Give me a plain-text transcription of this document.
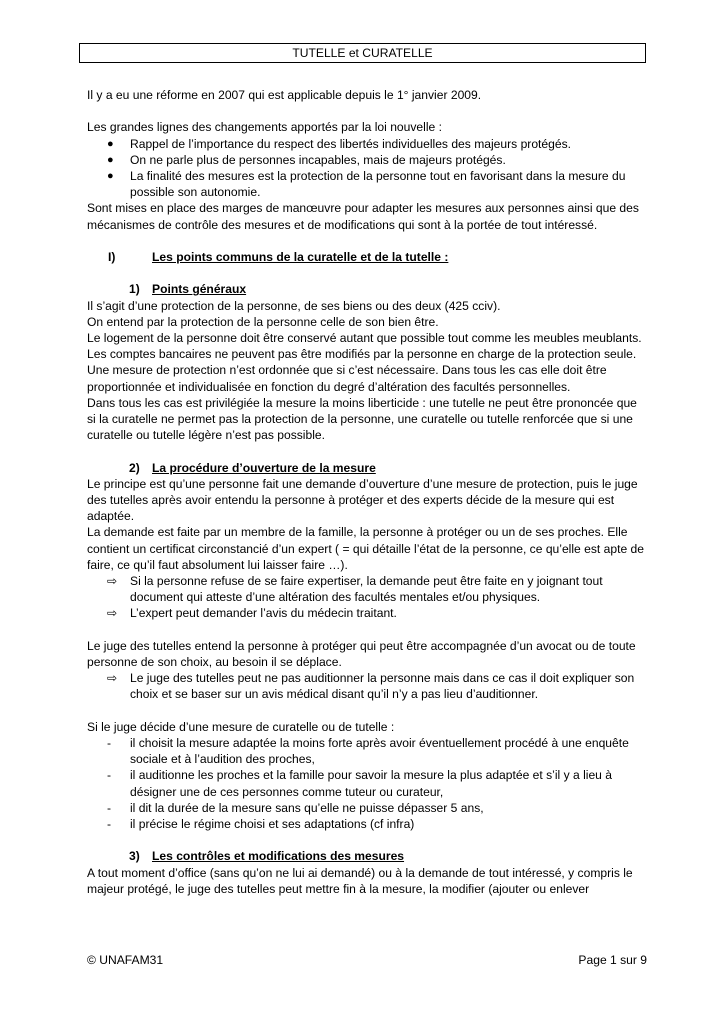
TUTELLE et CURATELLE

Il y a eu une réforme en 2007 qui est applicable depuis le 1° janvier 2009.

Les grandes lignes des changements apportés par la loi nouvelle :

● Rappel de l’importance du respect des libertés individuelles des majeurs protégés.
● On ne parle plus de personnes incapables, mais de majeurs protégés.
● La finalité des mesures est la protection de la personne tout en favorisant dans la mesure du possible son autonomie.

Sont mises en place des marges de manœuvre pour adapter les mesures aux personnes ainsi que des mécanismes de contrôle des mesures et de modifications qui sont à la portée de tout intéressé.

I)	Les points communs de la curatelle et de la tutelle :
1) Points généraux

Il s’agit d’une protection de la personne, de ses biens ou des deux (425 cciv).

On entend par la protection de la personne celle de son bien être.

Le logement de la personne doit être conservé autant que possible tout comme les meubles meublants.

Les comptes bancaires ne peuvent pas être modifiés par la personne en charge de la protection seule.

Une mesure de protection n’est ordonnée que si c’est nécessaire. Dans tous les cas elle doit être proportionnée et individualisée en fonction du degré d’altération des facultés personnelles.

Dans tous les cas est privilégiée la mesure la moins liberticide : une tutelle ne peut être prononcée que si la curatelle ne permet pas la protection de la personne, une curatelle ou tutelle renforcée que si une curatelle ou tutelle légère n’est pas possible.

2) La procédure d’ouverture de la mesure

Le principe est qu’une personne fait une demande d’ouverture d’une mesure de protection, puis le juge des tutelles après avoir entendu la personne à protéger et des experts décide de la mesure qui est adaptée.

La demande est faite par un membre de la famille, la personne à protéger ou un de ses proches. Elle contient un certificat circonstancié d’un expert ( = qui détaille l’état de la personne, ce qu’elle est apte de faire, ce qu’il faut absolument lui laisser faire …).

⇨ Si la personne refuse de se faire expertiser, la demande peut être faite en y joignant tout document qui atteste d’une altération des facultés mentales et/ou physiques.
⇨ L’expert peut demander l’avis du médecin traitant.

Le juge des tutelles entend la personne à protéger qui peut être accompagnée d’un avocat ou de toute personne de son choix, au besoin il se déplace.

⇨ Le juge des tutelles peut ne pas auditionner la personne mais dans ce cas il doit expliquer son choix et se baser sur un avis médical disant qu’il n’y a pas lieu d’auditionner.

Si le juge décide d’une mesure de curatelle ou de tutelle :

- il choisit la mesure adaptée la moins forte après avoir éventuellement procédé à une enquête sociale et à l’audition des proches,
- il auditionne les proches et la famille pour savoir la mesure la plus adaptée et s’il y a lieu à désigner une de ces personnes comme tuteur ou curateur,
- il dit la durée de la mesure sans qu’elle ne puisse dépasser 5 ans,
- il précise le régime choisi et ses adaptations (cf infra)
3) Les contrôles et modifications des mesures

A tout moment d’office (sans qu’on ne lui ai demandé) ou à la demande de tout intéressé, y compris le majeur protégé, le juge des tutelles peut mettre fin à la mesure, la modifier (ajouter ou enlever

© UNAFAM31	Page 1 sur 9
